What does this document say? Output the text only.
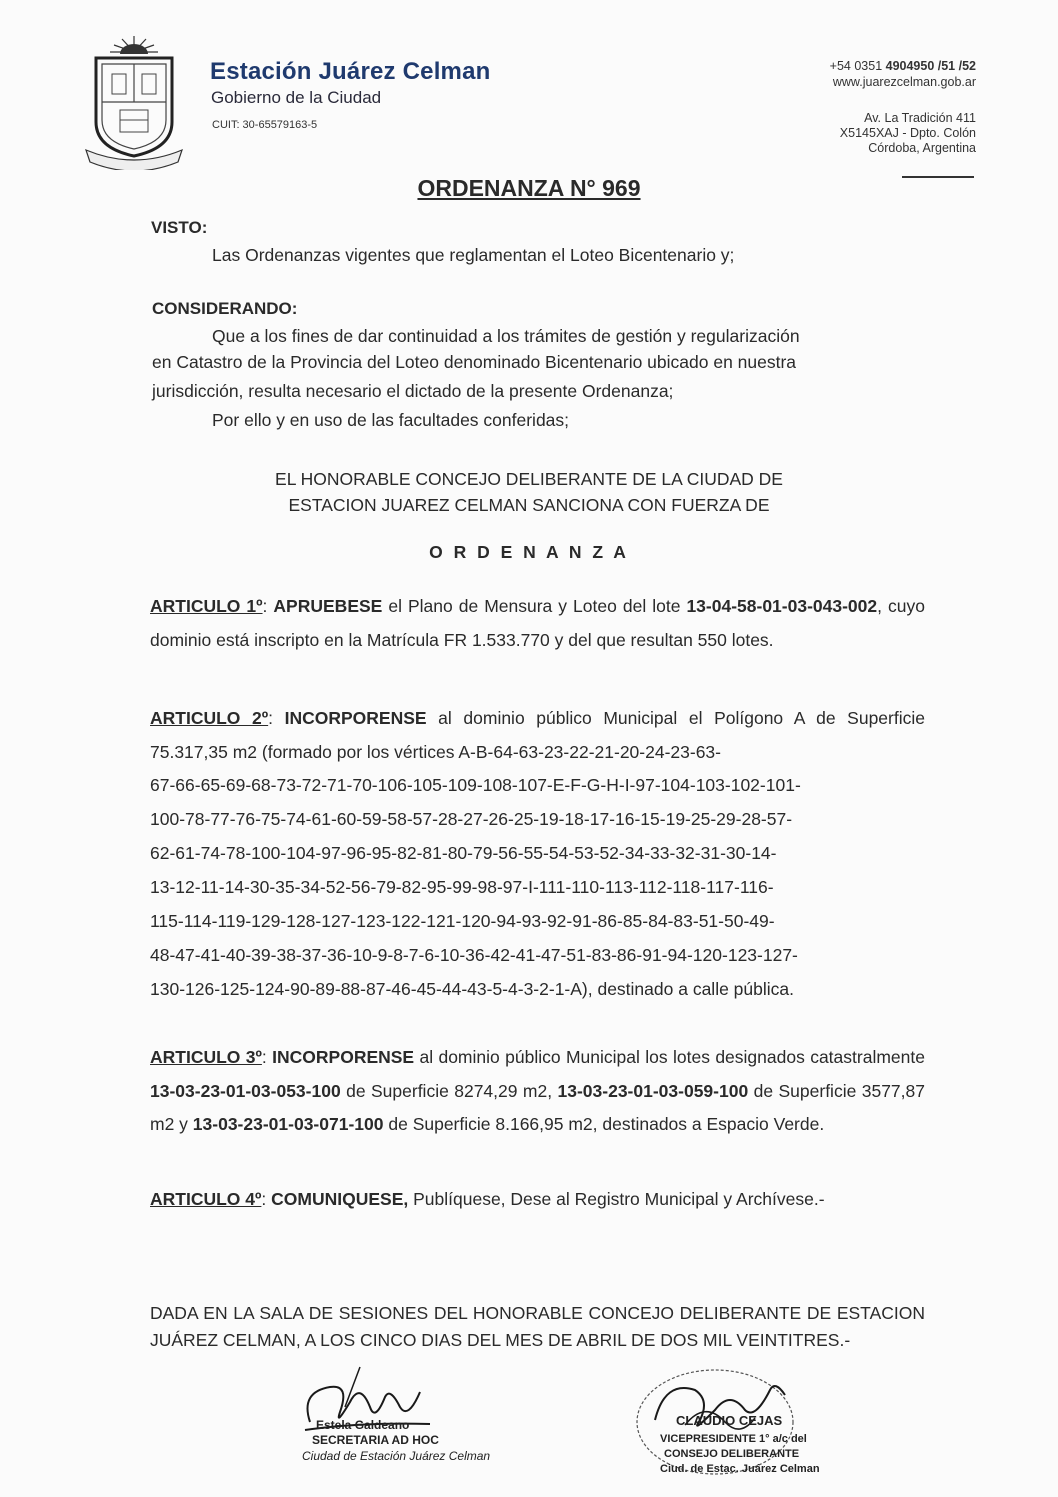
Estación Juárez Celman
Gobierno de la Ciudad
CUIT: 30-65579163-5
+54 0351 4904950 /51 /52
www.juarezcelman.gob.ar
Av. La Tradición 411
X5145XAJ - Dpto. Colón
Córdoba, Argentina
ORDENANZA N° 969
VISTO:
Las Ordenanzas vigentes que reglamentan el Loteo Bicentenario y;
CONSIDERANDO:
Que a los fines de dar continuidad a los trámites de gestión y regularización
en Catastro de la Provincia del Loteo denominado Bicentenario ubicado en nuestra
jurisdicción, resulta necesario el dictado de la presente Ordenanza;
Por ello y en uso de las facultades conferidas;
EL HONORABLE CONCEJO DELIBERANTE DE LA CIUDAD DE
ESTACION JUAREZ CELMAN SANCIONA CON FUERZA DE
O R D E N A N Z A
ARTICULO 1º: APRUEBESE el Plano de Mensura y Loteo del lote 13-04-58-01-03-043-002, cuyo dominio está inscripto en la Matrícula FR 1.533.770 y del que resultan 550 lotes.
ARTICULO 2º: INCORPORENSE al dominio público Municipal el Polígono A de Superficie 75.317,35 m2 (formado por los vértices A-B-64-63-23-22-21-20-24-23-63-
67-66-65-69-68-73-72-71-70-106-105-109-108-107-E-F-G-H-I-97-104-103-102-101-
100-78-77-76-75-74-61-60-59-58-57-28-27-26-25-19-18-17-16-15-19-25-29-28-57-
62-61-74-78-100-104-97-96-95-82-81-80-79-56-55-54-53-52-34-33-32-31-30-14-
13-12-11-14-30-35-34-52-56-79-82-95-99-98-97-I-111-110-113-112-118-117-116-
115-114-119-129-128-127-123-122-121-120-94-93-92-91-86-85-84-83-51-50-49-
48-47-41-40-39-38-37-36-10-9-8-7-6-10-36-42-41-47-51-83-86-91-94-120-123-127-
130-126-125-124-90-89-88-87-46-45-44-43-5-4-3-2-1-A), destinado a calle pública.
ARTICULO 3º: INCORPORENSE al dominio público Municipal los lotes designados catastralmente 13-03-23-01-03-053-100 de Superficie 8274,29 m2, 13-03-23-01-03-059-100 de Superficie 3577,87 m2 y 13-03-23-01-03-071-100 de Superficie 8.166,95 m2, destinados a Espacio Verde.
ARTICULO 4º: COMUNIQUESE, Publíquese, Dese al Registro Municipal y Archívese.-
DADA EN LA SALA DE SESIONES DEL HONORABLE CONCEJO DELIBERANTE DE ESTACION JUÁREZ CELMAN, A LOS CINCO DIAS DEL MES DE ABRIL DE DOS MIL VEINTITRES.-
Estela Galdeano
SECRETARIA AD HOC
Ciudad de Estación Juárez Celman
CLAUDIO CEJAS
VICEPRESIDENTE 1° a/c del
CONSEJO DELIBERANTE
Ciud. de Estac. Juárez Celman
